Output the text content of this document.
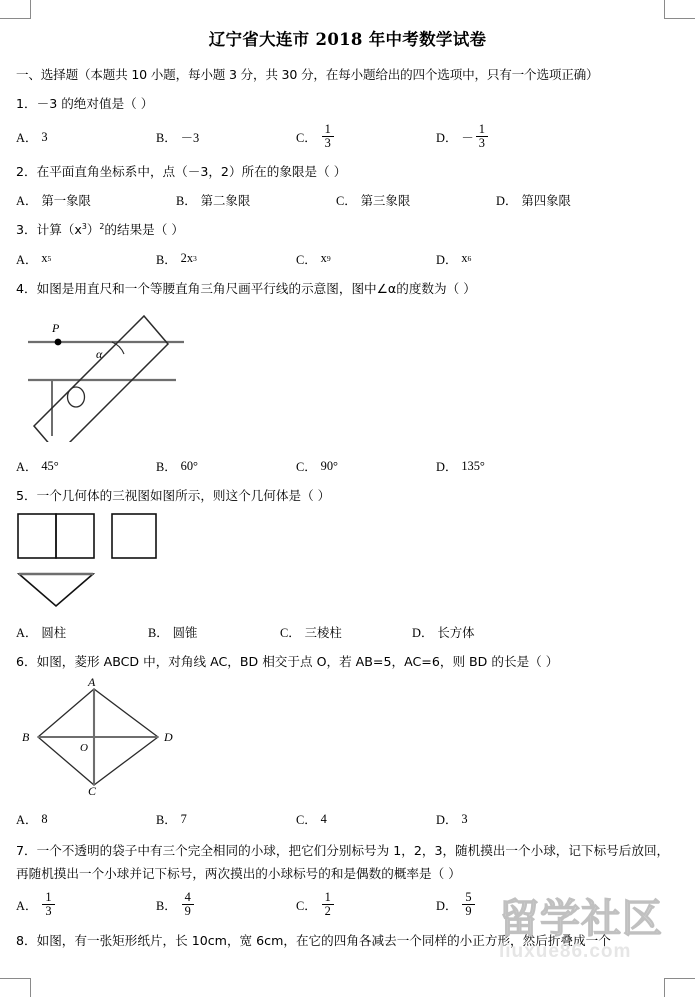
辽宁省大连市 2018 年中考数学试卷
一、选择题（本题共 10 小题，每小题 3 分，共 30 分，在每小题给出的四个选项中，只有一个选项正确）
1．－3 的绝对值是（ ）
A． 3	B． －3	C． $\frac{1}{3}$	D． － $\frac{1}{3}$
2．在平面直角坐标系中，点（－3，2）所在的象限是（ ）
A． 第一象限	B． 第二象限	C． 第三象限	D． 第四象限
3．计算$(x^3)^2$的结果是（ ）
A． x 5	B． 2x 3	C． x 9	D． x 6
4．如图是用直尺和一个等腰直角三角尺画平行线的示意图，图中∠α的度数为（ ）
P
α
A． 45°	B． 60°	C． 90°	D． 135°
5．一个几何体的三视图如图所示，则这个几何体是（ ）
A． 圆柱	B． 圆锥	C． 三棱柱	D． 长方体
6．如图，菱形 ABCD 中，对角线 AC，BD 相交于点 O，若 AB=5，AC=6，则 BD 的长是（ ）
A
B
C
D
O
A． 8	B． 7	C． 4	D． 3
7．一个不透明的袋子中有三个完全相同的小球，把它们分别标号为 1，2，3，随机摸出一个小球，记下标号后放回，再随机摸出一个小球并记下标号，两次摸出的小球标号的和是偶数的概率是（ ）
A． $\frac{1}{3}$	B． $\frac{4}{9}$	C． $\frac{1}{2}$	D． $\frac{5}{9}$
8．如图，有一张矩形纸片，长 10cm，宽 6cm，在它的四角各减去一个同样的小正方形，然后折叠成一个
留学社区
liuxue86.com
